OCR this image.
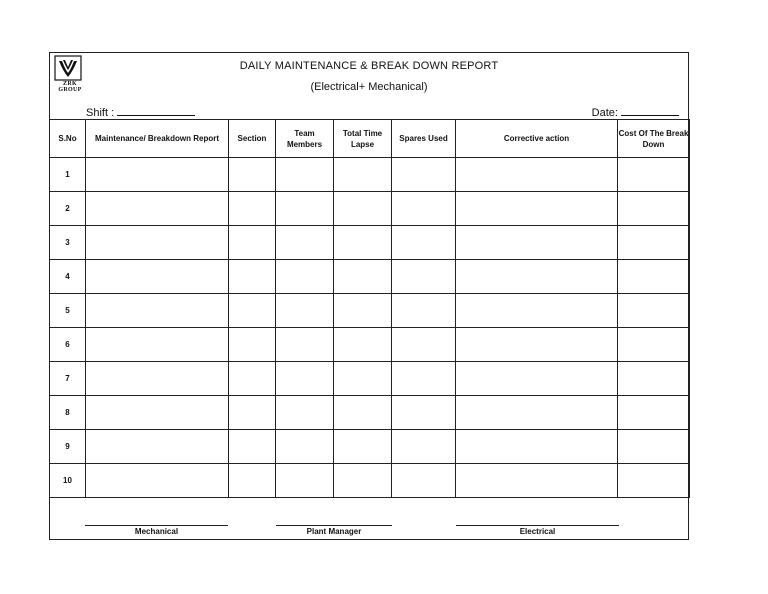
ZRK
GROUP
DAILY MAINTENANCE & BREAK DOWN REPORT
(Electrical+ Mechanical)
Shift :	Date:
S.No	Maintenance/ Breakdown Report	Section	Team Members	Total Time Lapse	Spares Used	Corrective action	Cost Of The Break Down
1							
2							
3							
4							
5							
6							
7							
8							
9							
10							
Mechanical	Plant Manager	Electrical
